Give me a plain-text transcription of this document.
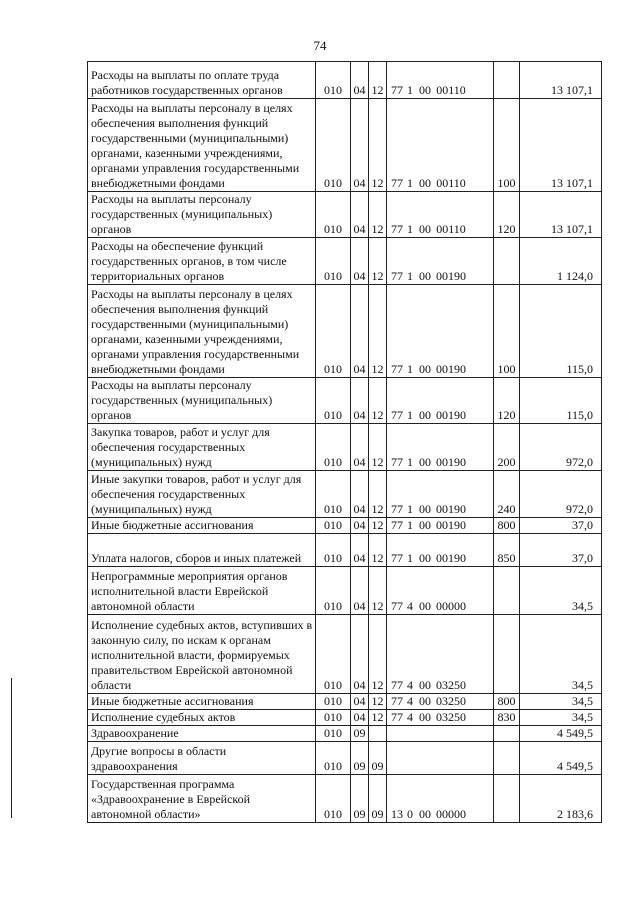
74
Расходы на выплаты по оплате труда работников государственных органов	010	04	12	77 1 00 00110		13 107,1
Расходы на выплаты персоналу в целях обеспечения выполнения функций государственными (муниципальными) органами, казенными учреждениями, органами управления государственными внебюджетными фондами	010	04	12	77 1 00 00110	100	13 107,1
Расходы на выплаты персоналу государственных (муниципальных) органов	010	04	12	77 1 00 00110	120	13 107,1
Расходы на обеспечение функций государственных органов, в том числе территориальных органов	010	04	12	77 1 00 00190		1 124,0
Расходы на выплаты персоналу в целях обеспечения выполнения функций государственными (муниципальными) органами, казенными учреждениями, органами управления государственными внебюджетными фондами	010	04	12	77 1 00 00190	100	115,0
Расходы на выплаты персоналу государственных (муниципальных) органов	010	04	12	77 1 00 00190	120	115,0
Закупка товаров, работ и услуг для обеспечения государственных (муниципальных) нужд	010	04	12	77 1 00 00190	200	972,0
Иные закупки товаров, работ и услуг для обеспечения государственных (муниципальных) нужд	010	04	12	77 1 00 00190	240	972,0
Иные бюджетные ассигнования	010	04	12	77 1 00 00190	800	37,0
Уплата налогов, сборов и иных платежей	010	04	12	77 1 00 00190	850	37,0
Непрограммные мероприятия органов исполнительной власти Еврейской автономной области	010	04	12	77 4 00 00000		34,5
Исполнение судебных актов, вступивших в законную силу, по искам к органам исполнительной власти, формируемых правительством Еврейской автономной области	010	04	12	77 4 00 03250		34,5
Иные бюджетные ассигнования	010	04	12	77 4 00 03250	800	34,5
Исполнение судебных актов	010	04	12	77 4 00 03250	830	34,5
Здравоохранение	010	09				4 549,5
Другие вопросы в области здравоохранения	010	09	09			4 549,5
Государственная программа «Здравоохранение в Еврейской автономной области»	010	09	09	13 0 00 00000		2 183,6
